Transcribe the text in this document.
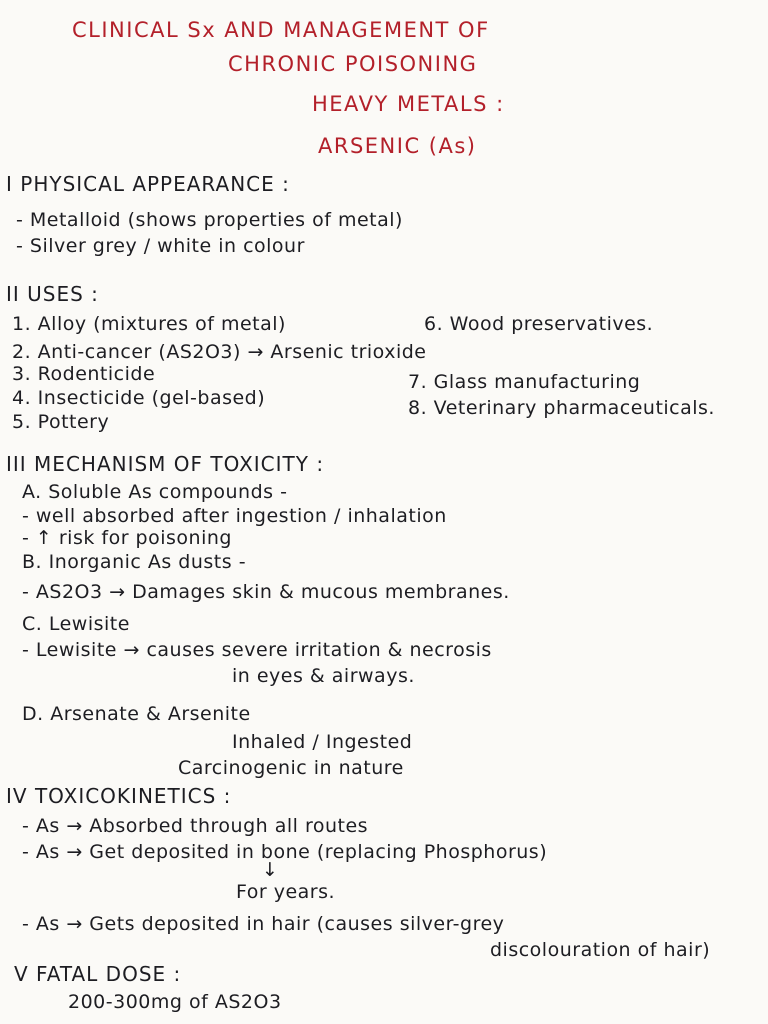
CLINICAL Sx AND MANAGEMENT OF
CHRONIC POISONING
HEAVY METALS :
ARSENIC (As)
I PHYSICAL APPEARANCE :
- Metalloid (shows properties of metal)
- Silver grey / white in colour
II USES :
1. Alloy (mixtures of metal)
2. Anti-cancer (AS2O3) → Arsenic trioxide
3. Rodenticide
4. Insecticide (gel-based)
5. Pottery
6. Wood preservatives.
7. Glass manufacturing
8. Veterinary pharmaceuticals.
III MECHANISM OF TOXICITY :
A. Soluble As compounds -
- well absorbed after ingestion / inhalation
- ↑ risk for poisoning
B. Inorganic As dusts -
- AS2O3 → Damages skin & mucous membranes.
C. Lewisite
- Lewisite → causes severe irritation & necrosis
in eyes & airways.
D. Arsenate & Arsenite
Inhaled / Ingested
Carcinogenic in nature
IV TOXICOKINETICS :
- As → Absorbed through all routes
- As → Get deposited in bone (replacing Phosphorus)
↓
For years.
- As → Gets deposited in hair (causes silver-grey
discolouration of hair)
V FATAL DOSE :
200-300mg of AS2O3
